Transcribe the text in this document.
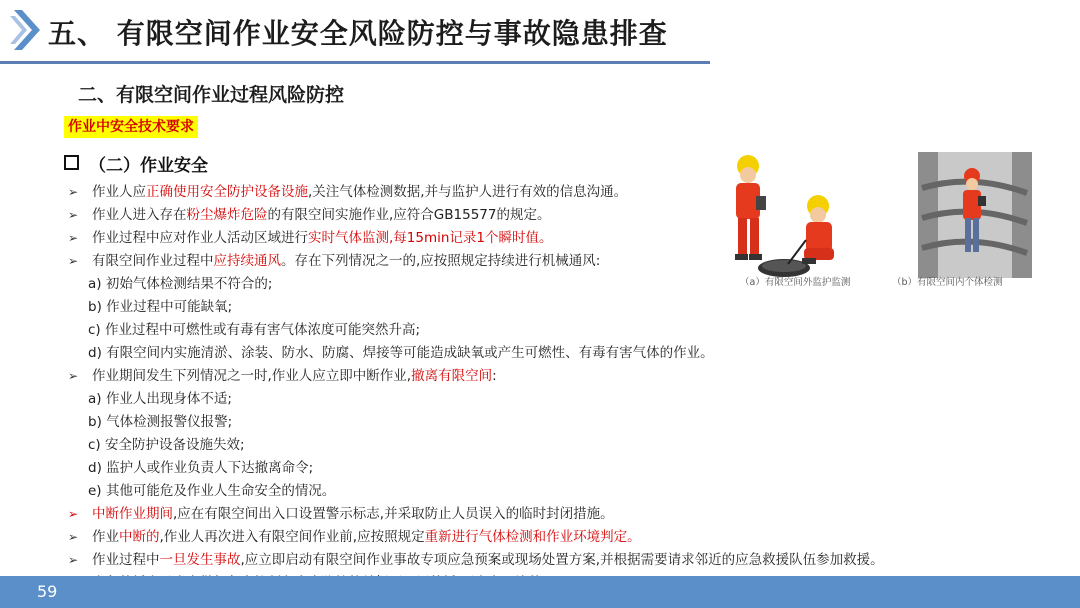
五、 有限空间作业安全风险防控与事故隐患排查
二、有限空间作业过程风险防控
作业中安全技术要求
（二）作业安全
➢ 作业人应正确使用安全防护设备设施,关注气体检测数据,并与监护人进行有效的信息沟通。
➢ 作业人进入存在粉尘爆炸危险的有限空间实施作业,应符合GB15577的规定。
➢ 作业过程中应对作业人活动区域进行实时气体监测,每15min记录1个瞬时值。
➢ 有限空间作业过程中应持续通风。存在下列情况之一的,应按照规定持续进行机械通风:
a) 初始气体检测结果不符合的;
b) 作业过程中可能缺氧;
c) 作业过程中可燃性或有毒有害气体浓度可能突然升高;
d) 有限空间内实施清淤、涂装、防水、防腐、焊接等可能造成缺氧或产生可燃性、有毒有害气体的作业。
➢ 作业期间发生下列情况之一时,作业人应立即中断作业,撤离有限空间:
a) 作业人出现身体不适;
b) 气体检测报警仪报警;
c) 安全防护设备设施失效;
d) 监护人或作业负责人下达撤离命令;
e) 其他可能危及作业人生命安全的情况。
➢ 中断作业期间,应在有限空间出入口设置警示标志,并采取防止人员误入的临时封闭措施。
➢ 作业中断的,作业人再次进入有限空间作业前,应按照规定重新进行气体检测和作业环境判定。
➢ 作业过程中一旦发生事故,应立即启动有限空间作业事故专项应急预案或现场处置方案,并根据需要请求邻近的应急救援队伍参加救援。
（a）有限空间外监护监测	（b）有限空间内个体检测
59
